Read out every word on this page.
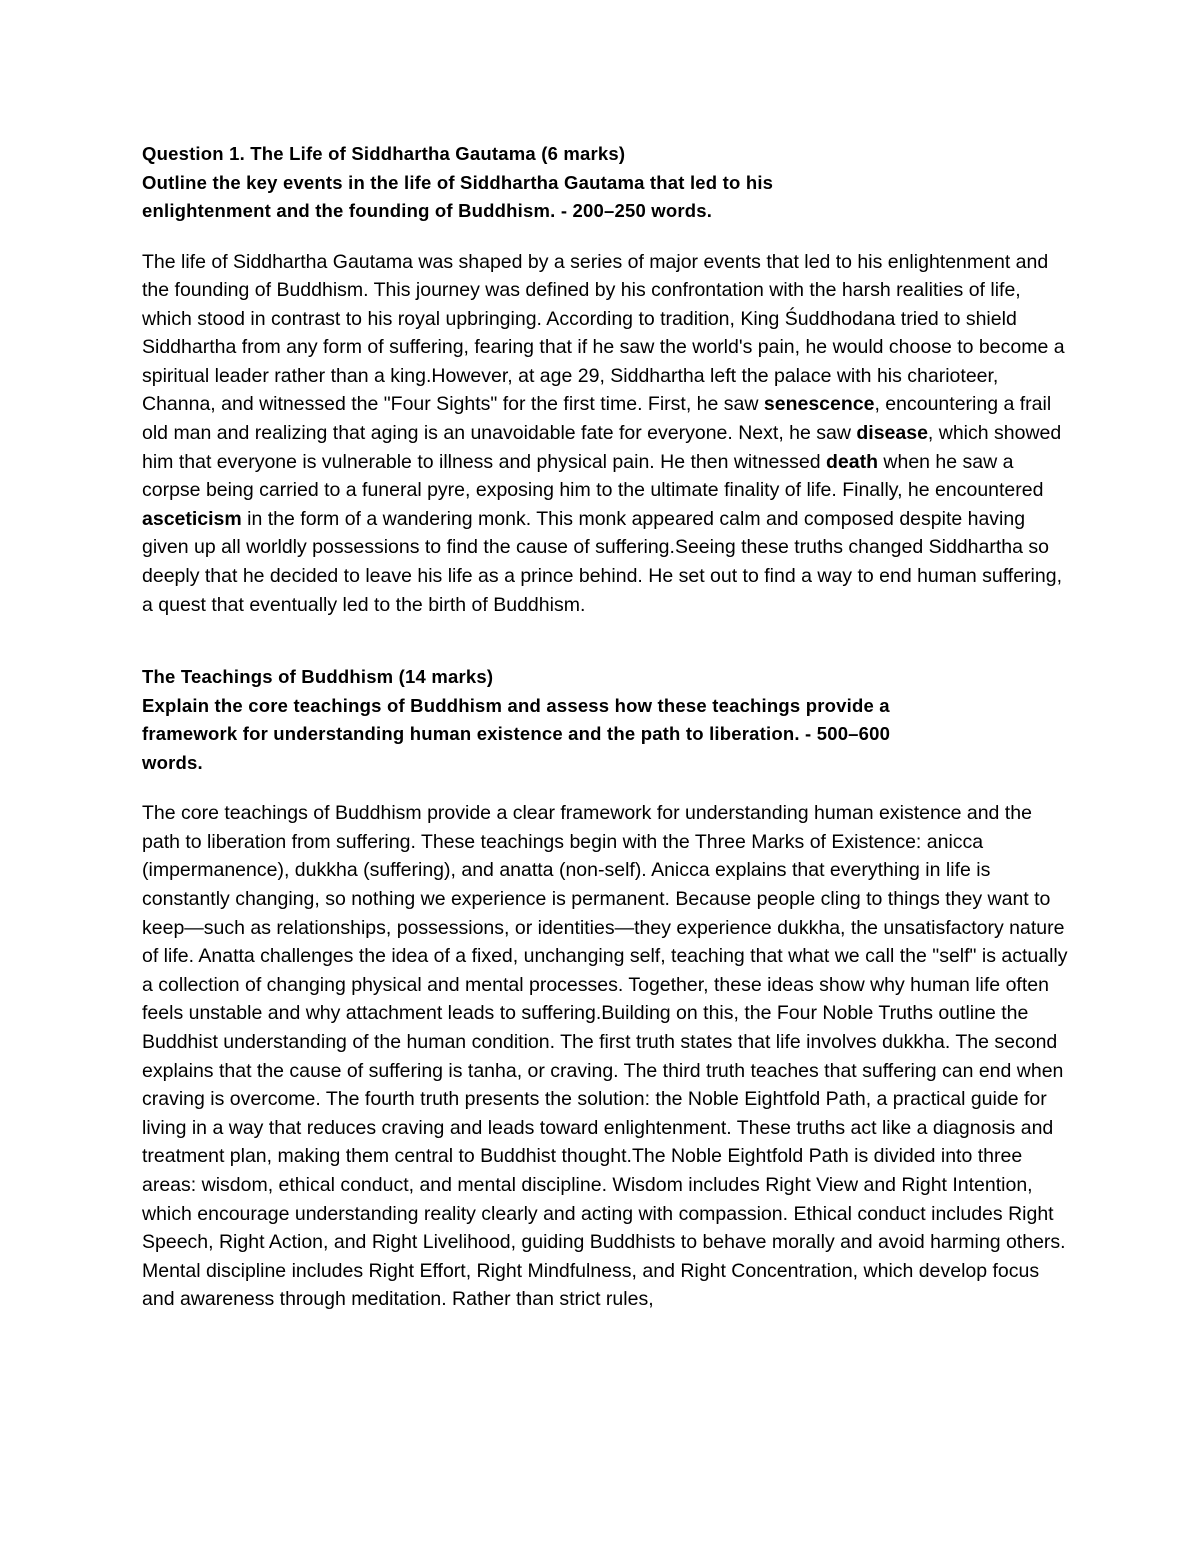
Question 1. The Life of Siddhartha Gautama (6 marks)

Outline the key events in the life of Siddhartha Gautama that led to his

enlightenment and the founding of Buddhism. - 200–250 words.

The life of Siddhartha Gautama was shaped by a series of major events that led to his enlightenment and the founding of Buddhism. This journey was defined by his confrontation with the harsh realities of life, which stood in contrast to his royal upbringing. According to tradition, King Śuddhodana tried to shield Siddhartha from any form of suffering, fearing that if he saw the world's pain, he would choose to become a spiritual leader rather than a king.However, at age 29, Siddhartha left the palace with his charioteer, Channa, and witnessed the "Four Sights" for the first time. First, he saw senescence, encountering a frail old man and realizing that aging is an unavoidable fate for everyone. Next, he saw disease, which showed him that everyone is vulnerable to illness and physical pain. He then witnessed death when he saw a corpse being carried to a funeral pyre, exposing him to the ultimate finality of life. Finally, he encountered asceticism in the form of a wandering monk. This monk appeared calm and composed despite having given up all worldly possessions to find the cause of suffering.Seeing these truths changed Siddhartha so deeply that he decided to leave his life as a prince behind. He set out to find a way to end human suffering, a quest that eventually led to the birth of Buddhism.

The Teachings of Buddhism (14 marks)

Explain the core teachings of Buddhism and assess how these teachings provide a

framework for understanding human existence and the path to liberation. - 500–600

words.

The core teachings of Buddhism provide a clear framework for understanding human existence and the path to liberation from suffering. These teachings begin with the Three Marks of Existence: anicca (impermanence), dukkha (suffering), and anatta (non-self). Anicca explains that everything in life is constantly changing, so nothing we experience is permanent. Because people cling to things they want to keep—such as relationships, possessions, or identities—they experience dukkha, the unsatisfactory nature of life. Anatta challenges the idea of a fixed, unchanging self, teaching that what we call the "self" is actually a collection of changing physical and mental processes. Together, these ideas show why human life often feels unstable and why attachment leads to suffering.Building on this, the Four Noble Truths outline the Buddhist understanding of the human condition. The first truth states that life involves dukkha. The second explains that the cause of suffering is tanha, or craving. The third truth teaches that suffering can end when craving is overcome. The fourth truth presents the solution: the Noble Eightfold Path, a practical guide for living in a way that reduces craving and leads toward enlightenment. These truths act like a diagnosis and treatment plan, making them central to Buddhist thought.The Noble Eightfold Path is divided into three areas: wisdom, ethical conduct, and mental discipline. Wisdom includes Right View and Right Intention, which encourage understanding reality clearly and acting with compassion. Ethical conduct includes Right Speech, Right Action, and Right Livelihood, guiding Buddhists to behave morally and avoid harming others. Mental discipline includes Right Effort, Right Mindfulness, and Right Concentration, which develop focus and awareness through meditation. Rather than strict rules,
